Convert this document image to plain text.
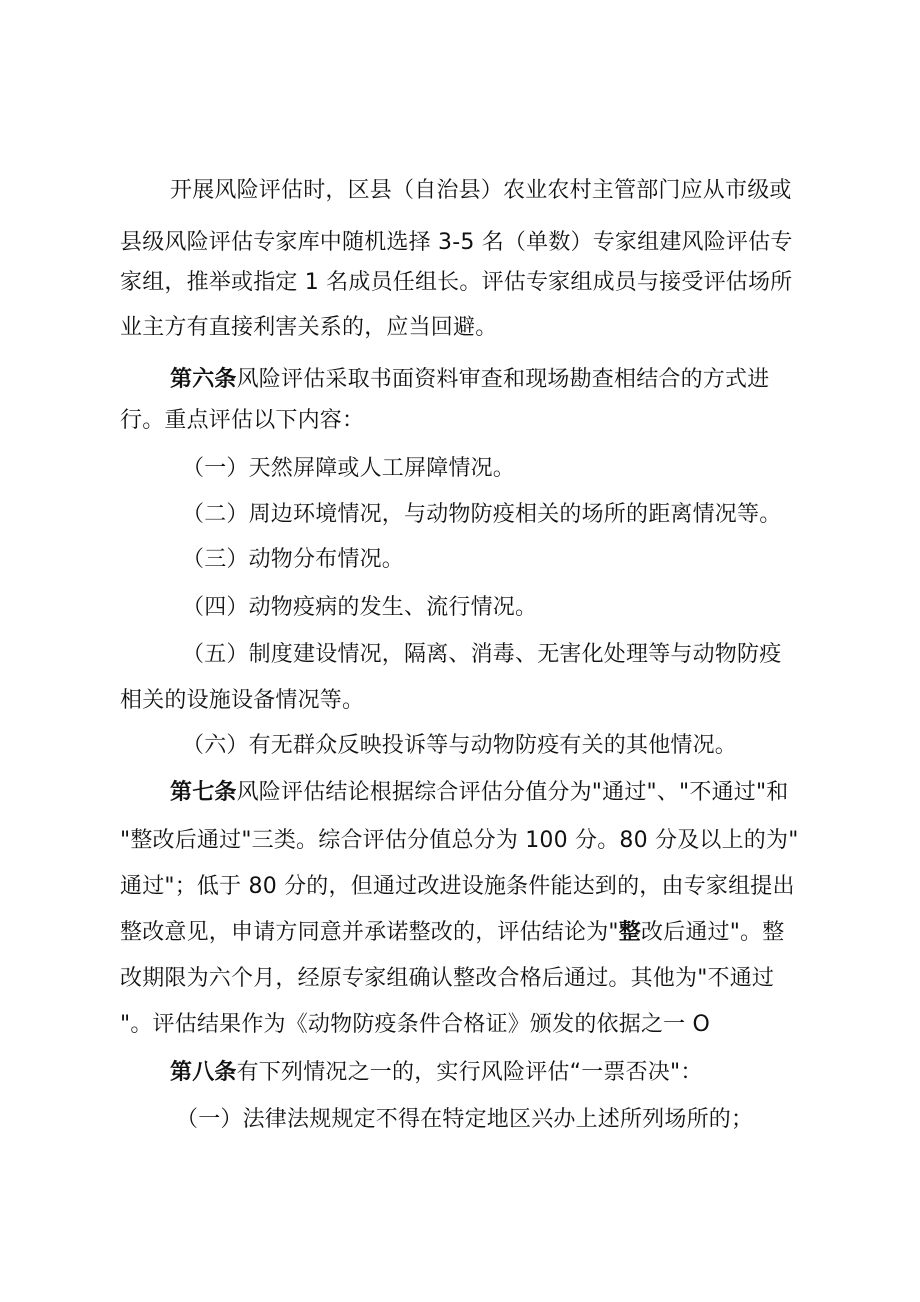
开展风险评估时，区县（自治县）农业农村主管部门应从市级或
县级风险评估专家库中随机选择 3-5 名（单数）专家组建风险评估专
家组，推举或指定 1 名成员任组长。评估专家组成员与接受评估场所
业主方有直接利害关系的，应当回避。
第六条风险评估采取书面资料审查和现场勘查相结合的方式进
行。重点评估以下内容：
（一）天然屏障或人工屏障情况。
（二）周边环境情况，与动物防疫相关的场所的距离情况等。
（三）动物分布情况。
（四）动物疫病的发生、流行情况。
（五）制度建设情况，隔离、消毒、无害化处理等与动物防疫
相关的设施设备情况等。
（六）有无群众反映投诉等与动物防疫有关的其他情况。
第七条风险评估结论根据综合评估分值分为"通过"、"不通过"和
"整改后通过"三类。综合评估分值总分为 100 分。80 分及以上的为"
通过"；低于 80 分的，但通过改进设施条件能达到的，由专家组提出
整改意见，申请方同意并承诺整改的，评估结论为"整改后通过"。整
改期限为六个月，经原专家组确认整改合格后通过。其他为"不通过
"。评估结果作为《动物防疫条件合格证》颁发的依据之一 O
第八条有下列情况之一的，实行风险评估“一票否决"：
（一）法律法规规定不得在特定地区兴办上述所列场所的；
